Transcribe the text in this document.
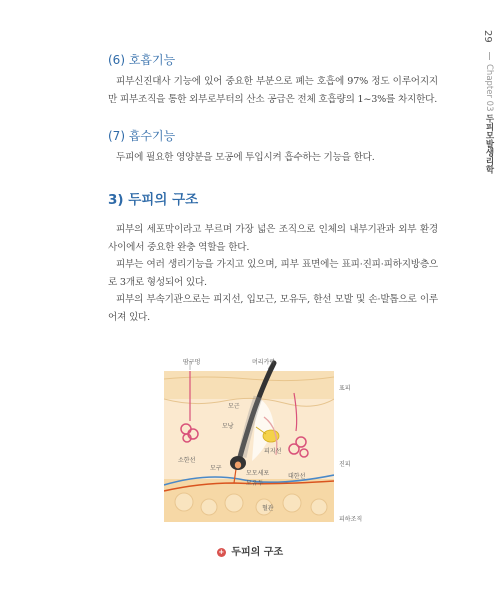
29
Chapter 03 두피모발생리학
(6) 호흡기능

피부신진대사 기능에 있어 중요한 부분으로 폐는 호흡에 97% 정도 이루어지지만 피부조직을 통한 외부로부터의 산소 공급은 전체 호흡량의 1~3%를 차지한다.

(7) 흡수기능

두피에 필요한 영양분을 모공에 투입시켜 흡수하는 기능을 한다.

3) 두피의 구조

피부의 세포막이라고 부르며 가장 넓은 조직으로 인체의 내부기관과 외부 환경 사이에서 중요한 완충 역할을 한다.

피부는 여러 생리기능을 가지고 있으며, 피부 표면에는 표피·진피·피하지방층으로 3개로 형성되어 있다.

피부의 부속기관으로는 피지선, 입모근, 모유두, 한선 모발 및 손·발톱으로 이루어져 있다.

땀구멍	머리카락
표피
모근
피지선
모낭
소한선
진피
모구
모모세포
모유두
대한선
혈관
피하조직
+ 두피의 구조
